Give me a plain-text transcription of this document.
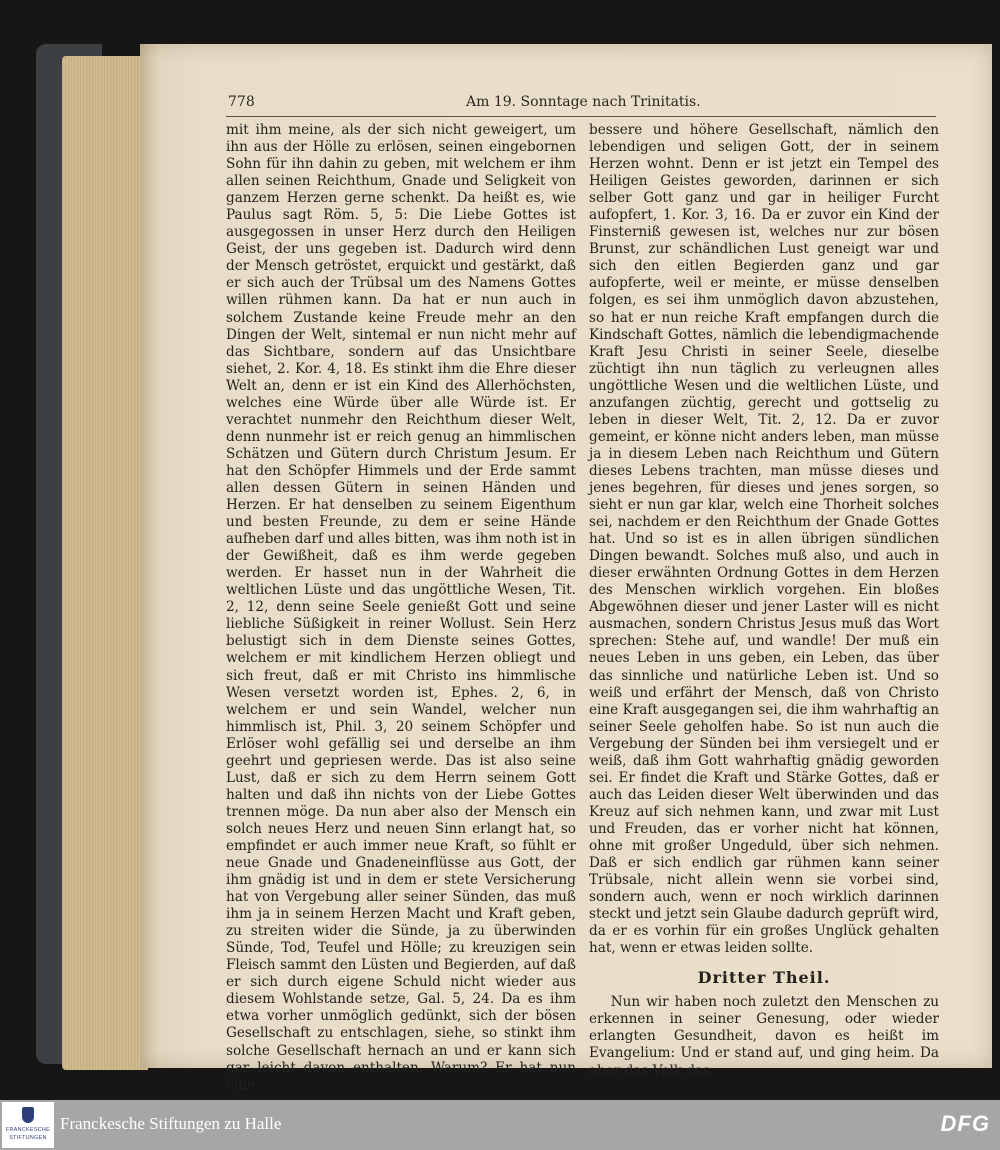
778	Am 19. Sonntage nach Trinitatis.

mit ihm meine, als der sich nicht geweigert, um ihn aus der Hölle zu erlösen, seinen eingebornen Sohn für ihn dahin zu geben, mit welchem er ihm allen seinen Reichthum, Gnade und Seligkeit von ganzem Herzen gerne schenkt. Da heißt es, wie Paulus sagt Röm. 5, 5: Die Liebe Gottes ist ausgegossen in unser Herz durch den Heiligen Geist, der uns gegeben ist. Dadurch wird denn der Mensch getröstet, erquickt und gestärkt, daß er sich auch der Trübsal um des Namens Gottes willen rühmen kann. Da hat er nun auch in solchem Zustande keine Freude mehr an den Dingen der Welt, sintemal er nun nicht mehr auf das Sichtbare, sondern auf das Unsichtbare siehet, 2. Kor. 4, 18. Es stinkt ihm die Ehre dieser Welt an, denn er ist ein Kind des Allerhöchsten, welches eine Würde über alle Würde ist. Er verachtet nunmehr den Reichthum dieser Welt, denn nunmehr ist er reich genug an himmlischen Schätzen und Gütern durch Christum Jesum. Er hat den Schöpfer Himmels und der Erde sammt allen dessen Gütern in seinen Händen und Herzen. Er hat denselben zu seinem Eigenthum und besten Freunde, zu dem er seine Hände aufheben darf und alles bitten, was ihm noth ist in der Gewißheit, daß es ihm werde gegeben werden. Er hasset nun in der Wahrheit die weltlichen Lüste und das ungöttliche Wesen, Tit. 2, 12, denn seine Seele genießt Gott und seine liebliche Süßigkeit in reiner Wollust. Sein Herz belustigt sich in dem Dienste seines Gottes, welchem er mit kindlichem Herzen obliegt und sich freut, daß er mit Christo ins himmlische Wesen versetzt worden ist, Ephes. 2, 6, in welchem er und sein Wandel, welcher nun himmlisch ist, Phil. 3, 20 seinem Schöpfer und Erlöser wohl gefällig sei und derselbe an ihm geehrt und gepriesen werde. Das ist also seine Lust, daß er sich zu dem Herrn seinem Gott halten und daß ihn nichts von der Liebe Gottes trennen möge. Da nun aber also der Mensch ein solch neues Herz und neuen Sinn erlangt hat, so empfindet er auch immer neue Kraft, so fühlt er neue Gnade und Gnadeneinflüsse aus Gott, der ihm gnädig ist und in dem er stete Versicherung hat von Vergebung aller seiner Sünden, das muß ihm ja in seinem Herzen Macht und Kraft geben, zu streiten wider die Sünde, ja zu überwinden Sünde, Tod, Teufel und Hölle; zu kreuzigen sein Fleisch sammt den Lüsten und Begierden, auf daß er sich durch eigene Schuld nicht wieder aus diesem Wohlstande setze, Gal. 5, 24. Da es ihm etwa vorher unmöglich gedünkt, sich der bösen Gesellschaft zu entschlagen, siehe, so stinkt ihm solche Gesellschaft hernach an und er kann sich gar leicht davon enthalten. Warum? Er hat nun eine

bessere und höhere Gesellschaft, nämlich den lebendigen und seligen Gott, der in seinem Herzen wohnt. Denn er ist jetzt ein Tempel des Heiligen Geistes geworden, darinnen er sich selber Gott ganz und gar in heiliger Furcht aufopfert, 1. Kor. 3, 16. Da er zuvor ein Kind der Finsterniß gewesen ist, welches nur zur bösen Brunst, zur schändlichen Lust geneigt war und sich den eitlen Begierden ganz und gar aufopferte, weil er meinte, er müsse denselben folgen, es sei ihm unmöglich davon abzustehen, so hat er nun reiche Kraft empfangen durch die Kindschaft Gottes, nämlich die lebendigmachende Kraft Jesu Christi in seiner Seele, dieselbe züchtigt ihn nun täglich zu verleugnen alles ungöttliche Wesen und die weltlichen Lüste, und anzufangen züchtig, gerecht und gottselig zu leben in dieser Welt, Tit. 2, 12. Da er zuvor gemeint, er könne nicht anders leben, man müsse ja in diesem Leben nach Reichthum und Gütern dieses Lebens trachten, man müsse dieses und jenes begehren, für dieses und jenes sorgen, so sieht er nun gar klar, welch eine Thorheit solches sei, nachdem er den Reichthum der Gnade Gottes hat. Und so ist es in allen übrigen sündlichen Dingen bewandt. Solches muß also, und auch in dieser erwähnten Ordnung Gottes in dem Herzen des Menschen wirklich vorgehen. Ein bloßes Abgewöhnen dieser und jener Laster will es nicht ausmachen, sondern Christus Jesus muß das Wort sprechen: Stehe auf, und wandle! Der muß ein neues Leben in uns geben, ein Leben, das über das sinnliche und natürliche Leben ist. Und so weiß und erfährt der Mensch, daß von Christo eine Kraft ausgegangen sei, die ihm wahrhaftig an seiner Seele geholfen habe. So ist nun auch die Vergebung der Sünden bei ihm versiegelt und er weiß, daß ihm Gott wahrhaftig gnädig geworden sei. Er findet die Kraft und Stärke Gottes, daß er auch das Leiden dieser Welt überwinden und das Kreuz auf sich nehmen kann, und zwar mit Lust und Freuden, das er vorher nicht hat können, ohne mit großer Ungeduld, über sich nehmen. Daß er sich endlich gar rühmen kann seiner Trübsale, nicht allein wenn sie vorbei sind, sondern auch, wenn er noch wirklich darinnen steckt und jetzt sein Glaube dadurch geprüft wird, da er es vorhin für ein großes Unglück gehalten hat, wenn er etwas leiden sollte.

Dritter Theil.

Nun wir haben noch zuletzt den Menschen zu erkennen in seiner Genesung, oder wieder erlangten Gesundheit, davon es heißt im Evangelium: Und er stand auf, und ging heim. Da aber das Volk das

FRANCKESCHE
STIFTUNGEN
Franckesche Stiftungen zu Halle	DFG
